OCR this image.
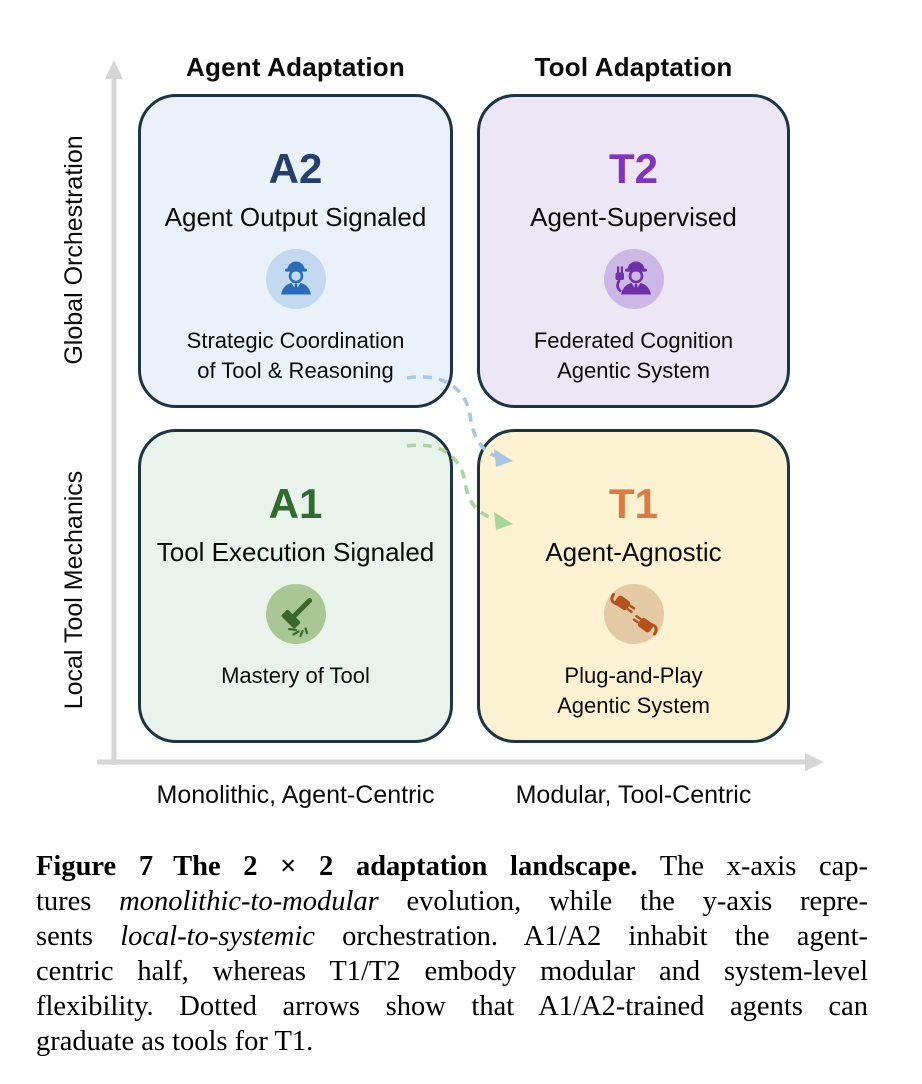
Agent Adaptation	Tool Adaptation
Global Orchestration
Local Tool Mechanics
A2
Agent Output Signaled
Strategic Coordination
of Tool & Reasoning
T2
Agent-Supervised
Federated Cognition
Agentic System
A1
Tool Execution Signaled
Mastery of Tool
T1
Agent-Agnostic
Plug-and-Play
Agentic System
Monolithic, Agent-Centric	Modular, Tool-Centric
Figure 7  The 2 × 2 adaptation landscape. The x-axis cap-
tures monolithic-to-modular evolution, while the y-axis repre-
sents local-to-systemic orchestration. A1/A2 inhabit the agent-
centric half, whereas T1/T2 embody modular and system-level
flexibility. Dotted arrows show that A1/A2-trained agents can
graduate as tools for T1.
